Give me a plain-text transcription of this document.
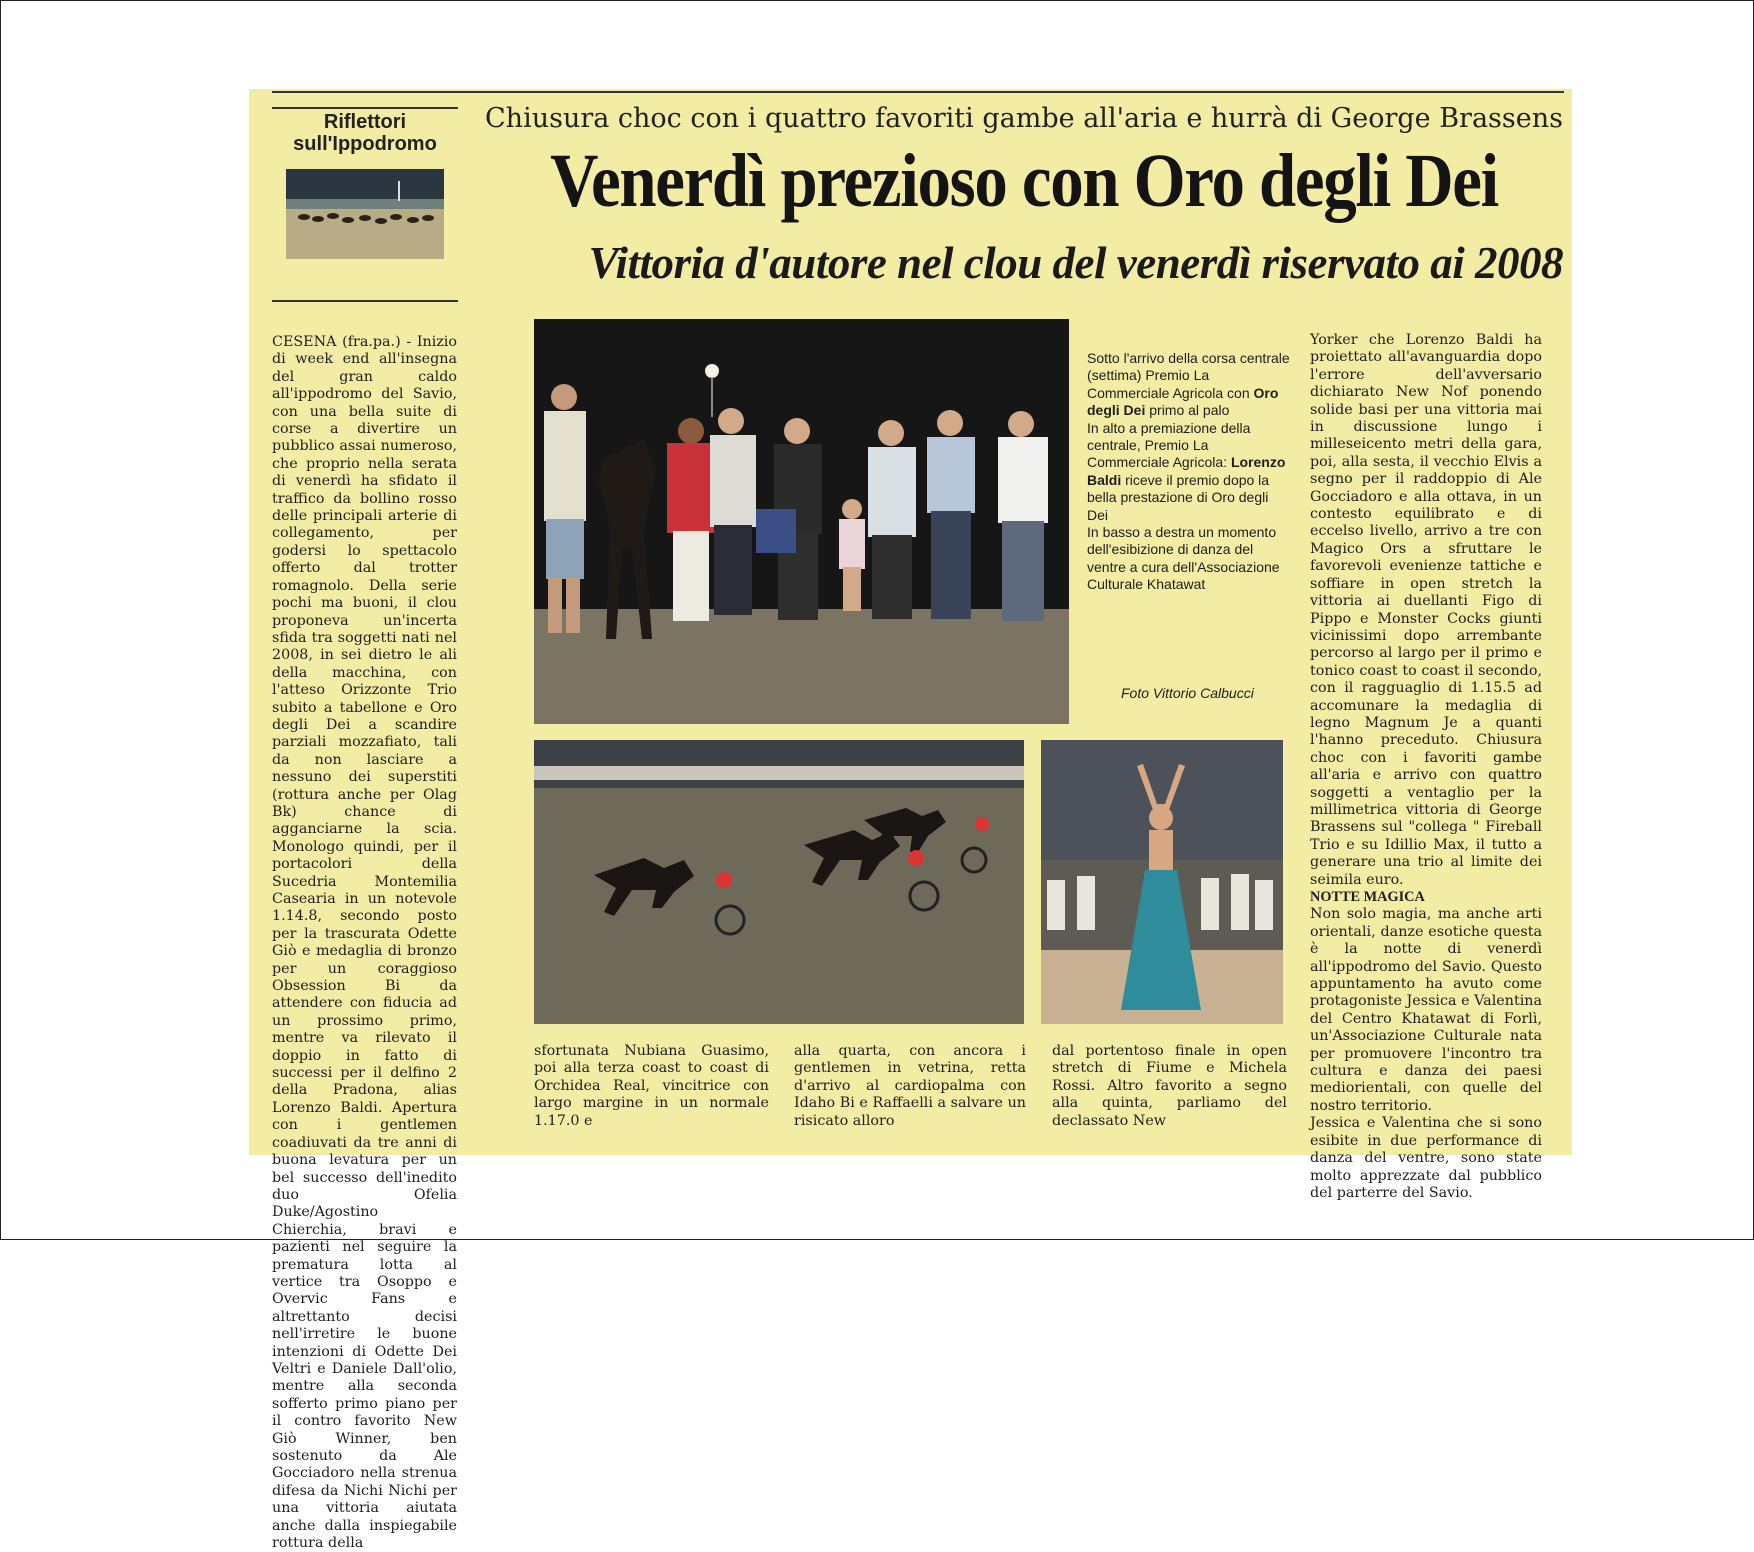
Riflettori
sull'Ippodromo
Chiusura choc con i quattro favoriti gambe all'aria e hurrà di George Brassens
Venerdì prezioso con Oro degli Dei
Vittoria d'autore nel clou del venerdì riservato ai 2008

CESENA (fra.pa.) - Inizio di week end all'insegna del gran caldo all'ippodromo del Savio, con una bella suite di corse a divertire un pubblico assai numeroso, che proprio nella serata di venerdì ha sfidato il traffico da bollino rosso delle principali arterie di collegamento, per godersi lo spettacolo offerto dal trotter romagnolo. Della serie pochi ma buoni, il clou proponeva un'incerta sfida tra soggetti nati nel 2008, in sei dietro le ali della macchina, con l'atteso Orizzonte Trio subito a tabellone e Oro degli Dei a scandire parziali mozzafiato, tali da non lasciare a nessuno dei superstiti (rottura anche per Olag Bk) chance di agganciarne la scia. Monologo quindi, per il portacolori della Sucedria Montemilia Casearia in un notevole 1.14.8, secondo posto per la trascurata Odette Giò e medaglia di bronzo per un coraggioso Obsession Bi da attendere con fiducia ad un prossimo primo, mentre va rilevato il doppio in fatto di successi per il delfino 2 della Pradona, alias Lorenzo Baldi. Apertura con i gentlemen coadiuvati da tre anni di buona levatura per un bel successo dell'inedito duo Ofelia Duke/Agostino Chierchia, bravi e pazienti nel seguire la prematura lotta al vertice tra Osoppo e Overvic Fans e altrettanto decisi nell'irretire le buone intenzioni di Odette Dei Veltri e Daniele Dall'olio, mentre alla seconda sofferto primo piano per il contro favorito New Giò Winner, ben sostenuto da Ale Gocciadoro nella strenua difesa da Nichi Nichi per una vittoria aiutata anche dalla inspiegabile rottura della

Sotto l'arrivo della corsa centrale (settima) Premio La Commerciale Agricola con Oro degli Dei primo al palo
In alto a premiazione della centrale, Premio La Commerciale Agricola: Lorenzo Baldi riceve il premio dopo la bella prestazione di Oro degli Dei
In basso a destra un momento dell'esibizione di danza del ventre a cura dell'Associazione Culturale Khatawat
Foto Vittorio Calbucci

Yorker che Lorenzo Baldi ha proiettato all'avanguardia dopo l'errore dell'avversario dichiarato New Nof ponendo solide basi per una vittoria mai in discussione lungo i milleseicento metri della gara, poi, alla sesta, il vecchio Elvis a segno per il raddoppio di Ale Gocciadoro e alla ottava, in un contesto equilibrato e di eccelso livello, arrivo a tre con Magico Ors a sfruttare le favorevoli evenienze tattiche e soffiare in open stretch la vittoria ai duellanti Figo di Pippo e Monster Cocks giunti vicinissimi dopo arrembante percorso al largo per il primo e tonico coast to coast il secondo, con il ragguaglio di 1.15.5 ad accomunare la medaglia di legno Magnum Je a quanti l'hanno preceduto. Chiusura choc con i favoriti gambe all'aria e arrivo con quattro soggetti a ventaglio per la millimetrica vittoria di George Brassens sul "collega " Fireball Trio e su Idillio Max, il tutto a generare una trio al limite dei seimila euro.

NOTTE MAGICA

Non solo magia, ma anche arti orientali, danze esotiche questa è la notte di venerdì all'ippodromo del Savio. Questo appuntamento ha avuto come protagoniste Jessica e Valentina del Centro Khatawat di Forlì, un'Associazione Culturale nata per promuovere l'incontro tra cultura e danza dei paesi mediorientali, con quelle del nostro territorio.

Jessica e Valentina che si sono esibite in due performance di danza del ventre, sono state molto apprezzate dal pubblico del parterre del Savio.

sfortunata Nubiana Guasimo, poi alla terza coast to coast di Orchidea Real, vincitrice con largo margine in un normale 1.17.0 e

alla quarta, con ancora i gentlemen in vetrina, retta d'arrivo al cardiopalma con Idaho Bi e Raffaelli a salvare un risicato alloro

dal portentoso finale in open stretch di Fiume e Michela Rossi. Altro favorito a segno alla quinta, parliamo del declassato New
